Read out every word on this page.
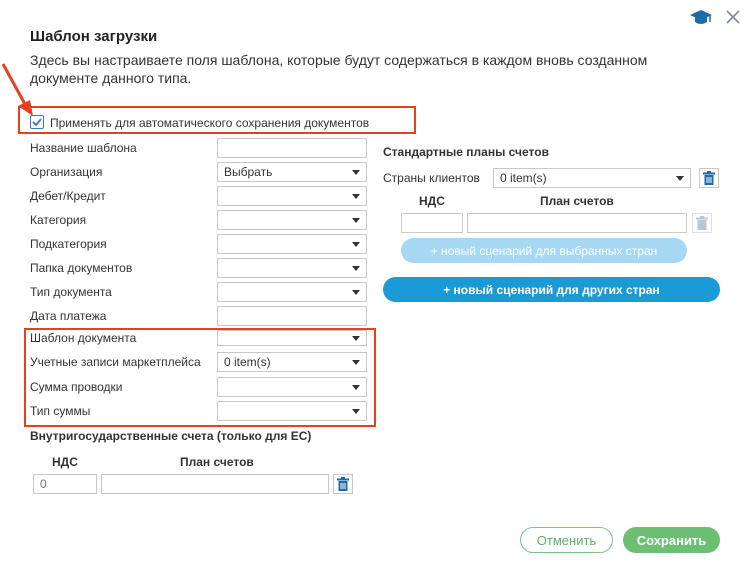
Шаблон загрузки
Здесь вы настраиваете поля шаблона, которые будут содержаться в каждом вновь созданном документе данного типа.
Применять для автоматического сохранения документов
Название шаблона
Организация	Выбрать
Дебет/Кредит
Категория
Подкатегория
Папка документов
Тип документа
Дата платежа
Шаблон документа
Учетные записи маркетплейса 0 item(s)
Сумма проводки
Тип суммы
Внутригосударственные счета (только для ЕС)
НДС	План счетов
0
Стандартные планы счетов
Страны клиентов 0 item(s)
НДС	План счетов
+ новый сценарий для выбранных стран
+ новый сценарий для других стран
Отменить	Сохранить
